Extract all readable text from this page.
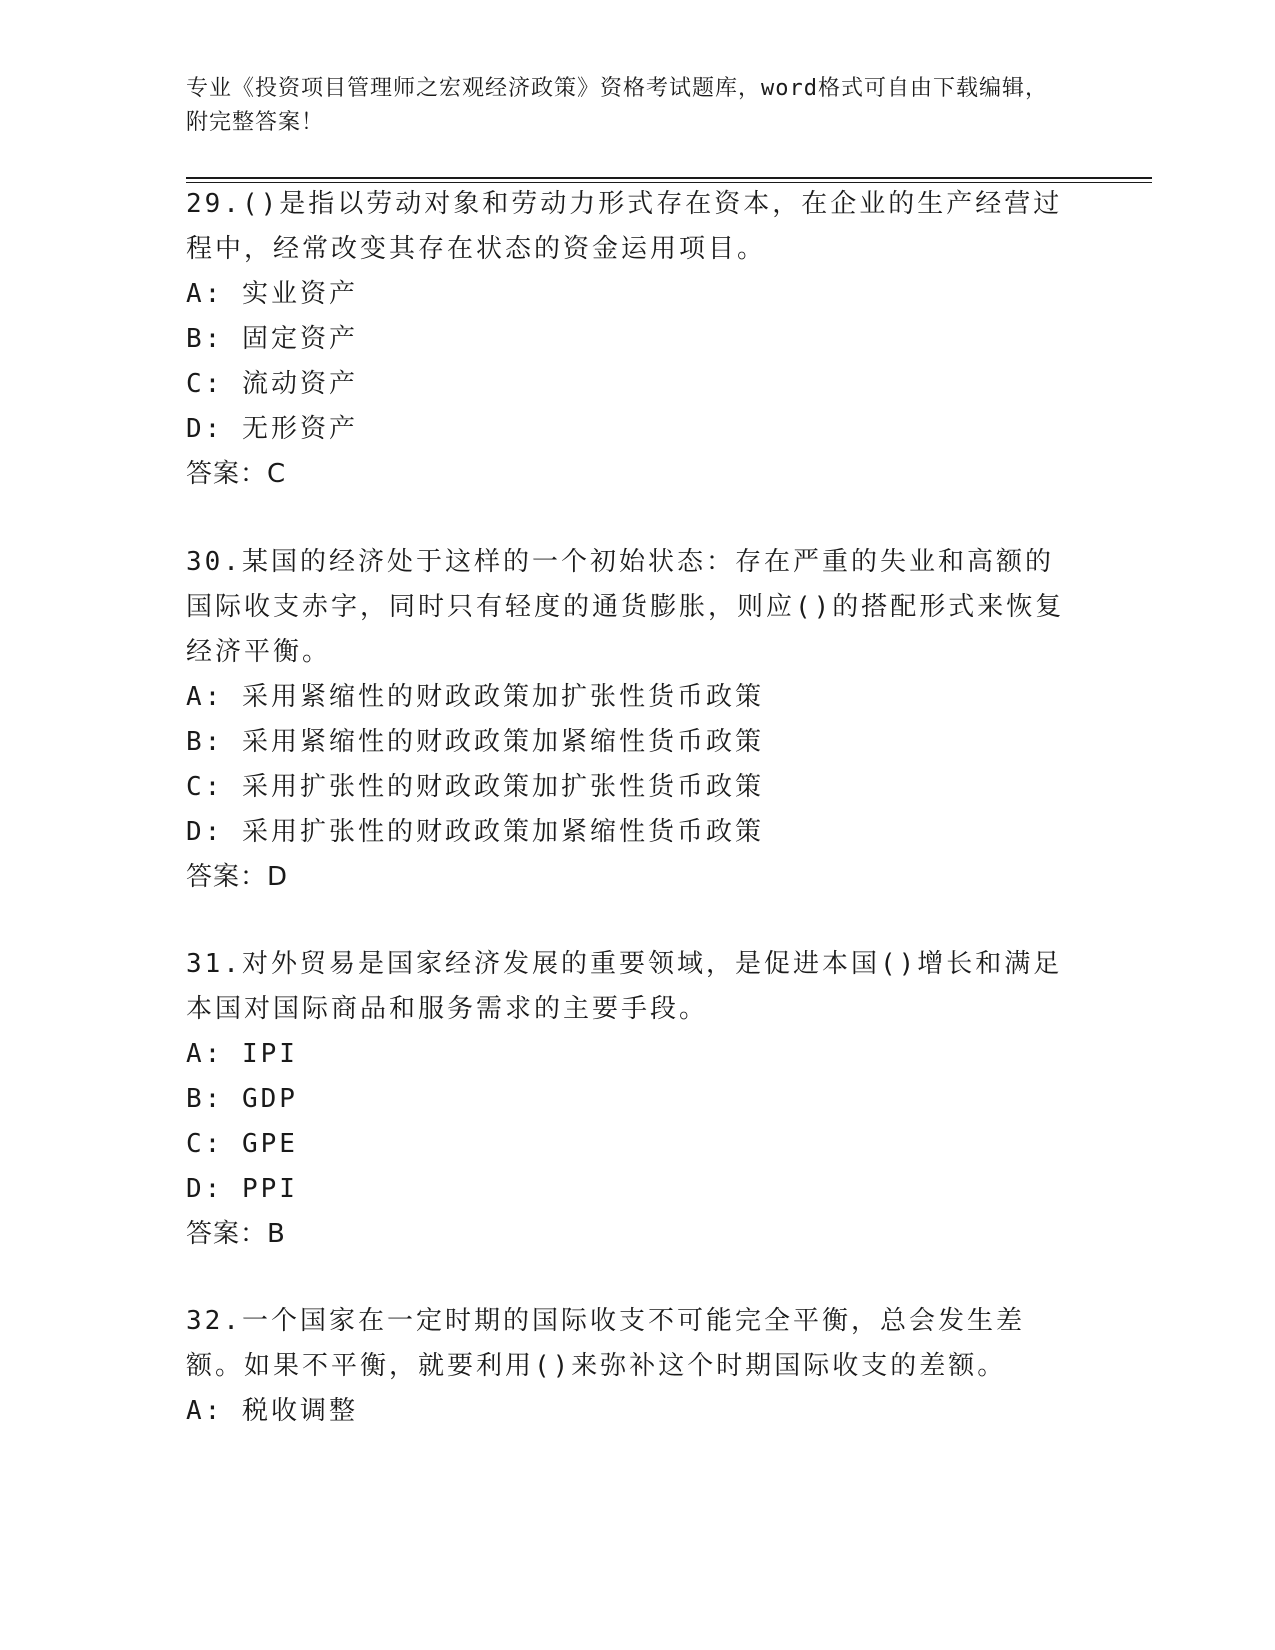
专业《投资项目管理师之宏观经济政策》资格考试题库，word格式可自由下载编辑，附完整答案！

29.()是指以劳动对象和劳动力形式存在资本，在企业的生产经营过程中，经常改变其存在状态的资金运用项目。

A: 实业资产

B: 固定资产

C: 流动资产

D: 无形资产

答案：C

30.某国的经济处于这样的一个初始状态：存在严重的失业和高额的国际收支赤字，同时只有轻度的通货膨胀，则应()的搭配形式来恢复经济平衡。

A: 采用紧缩性的财政政策加扩张性货币政策

B: 采用紧缩性的财政政策加紧缩性货币政策

C: 采用扩张性的财政政策加扩张性货币政策

D: 采用扩张性的财政政策加紧缩性货币政策

答案：D

31.对外贸易是国家经济发展的重要领域，是促进本国()增长和满足本国对国际商品和服务需求的主要手段。

A: IPI

B: GDP

C: GPE

D: PPI

答案：B

32.一个国家在一定时期的国际收支不可能完全平衡，总会发生差额。如果不平衡，就要利用()来弥补这个时期国际收支的差额。

A: 税收调整
